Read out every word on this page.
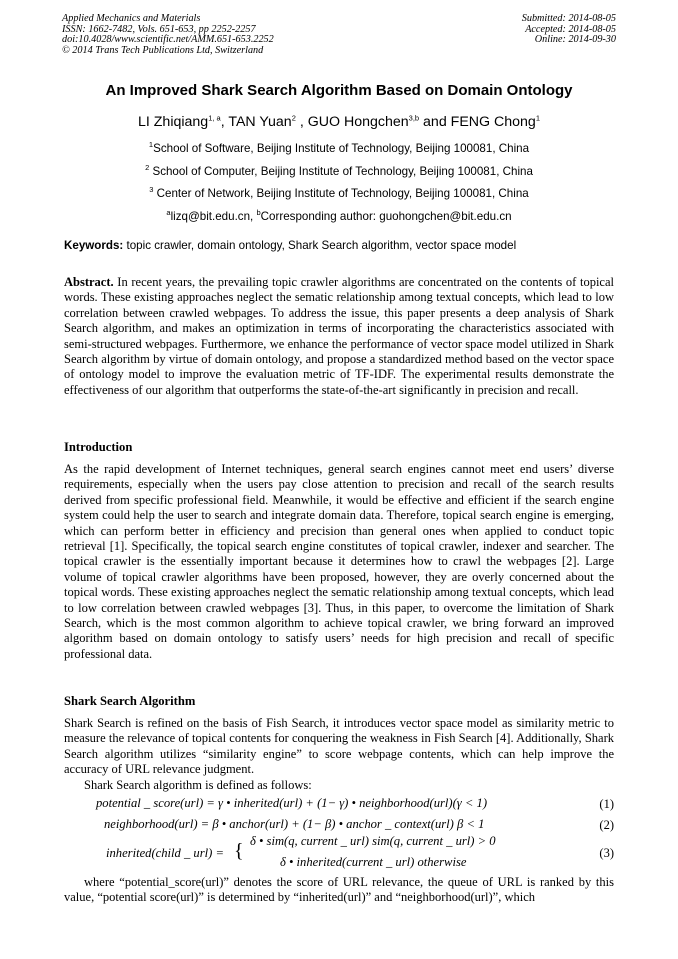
Applied Mechanics and Materials
ISSN: 1662-7482, Vols. 651-653, pp 2252-2257
doi:10.4028/www.scientific.net/AMM.651-653.2252
© 2014 Trans Tech Publications Ltd, Switzerland
Submitted: 2014-08-05
Accepted: 2014-08-05
Online: 2014-09-30
An Improved Shark Search Algorithm Based on Domain Ontology
LI Zhiqiang$^{1, a}$, TAN Yuan$^2$ , GUO Hongchen$^{3,b}$ and FENG Chong$^1$
$^1$School of Software, Beijing Institute of Technology, Beijing 100081, China
$^2$ School of Computer, Beijing Institute of Technology, Beijing 100081, China
$^3$ Center of Network, Beijing Institute of Technology, Beijing 100081, China
$^a$lizq@bit.edu.cn, $^b$Corresponding author: guohongchen@bit.edu.cn
Keywords: topic crawler, domain ontology, Shark Search algorithm, vector space model
Abstract. In recent years, the prevailing topic crawler algorithms are concentrated on the contents of topical words. These existing approaches neglect the sematic relationship among textual concepts, which lead to low correlation between crawled webpages. To address the issue, this paper presents a deep analysis of Shark Search algorithm, and makes an optimization in terms of incorporating the characteristics associated with semi-structured webpages. Furthermore, we enhance the performance of vector space model utilized in Shark Search algorithm by virtue of domain ontology, and propose a standardized method based on the vector space of ontology model to improve the evaluation metric of TF-IDF. The experimental results demonstrate the effectiveness of our algorithm that outperforms the state-of-the-art significantly in precision and recall.
Introduction
As the rapid development of Internet techniques, general search engines cannot meet end users’ diverse requirements, especially when the users pay close attention to precision and recall of the search results derived from specific professional field. Meanwhile, it would be effective and efficient if the search engine system could help the user to search and integrate domain data. Therefore, topical search engine is emerging, which can perform better in efficiency and precision than general ones when applied to conduct topic retrieval [1]. Specifically, the topical search engine constitutes of topical crawler, indexer and searcher. The topical crawler is the essentially important because it determines how to crawl the webpages [2]. Large volume of topical crawler algorithms have been proposed, however, they are overly concerned about the topical words. These existing approaches neglect the sematic relationship among textual concepts, which lead to low correlation between crawled webpages [3]. Thus, in this paper, to overcome the limitation of Shark Search, which is the most common algorithm to achieve topical crawler, we bring forward an improved algorithm based on domain ontology to satisfy users’ needs for high precision and recall of specific professional data.
Shark Search Algorithm
Shark Search is refined on the basis of Fish Search, it introduces vector space model as similarity metric to measure the relevance of topical contents for conquering the weakness in Fish Search [4]. Additionally, Shark Search algorithm utilizes “similarity engine” to score webpage contents, which can help improve the accuracy of URL relevance judgment.
Shark Search algorithm is defined as follows:
potential _ score(url) = γ • inherited(url) + (1− γ) • neighborhood(url)(γ < 1)	(1)
neighborhood(url) = β • anchor(url) + (1− β) • anchor _ context(url) β < 1	(2)
inherited(child _ url) = { δ • sim(q, current _ url) sim(q, current _ url) > 0
δ • inherited(current _ url) otherwise
(3)
where “potential_score(url)” denotes the score of URL relevance, the queue of URL is ranked by this value, “potential score(url)” is determined by “inherited(url)” and “neighborhood(url)”, which
